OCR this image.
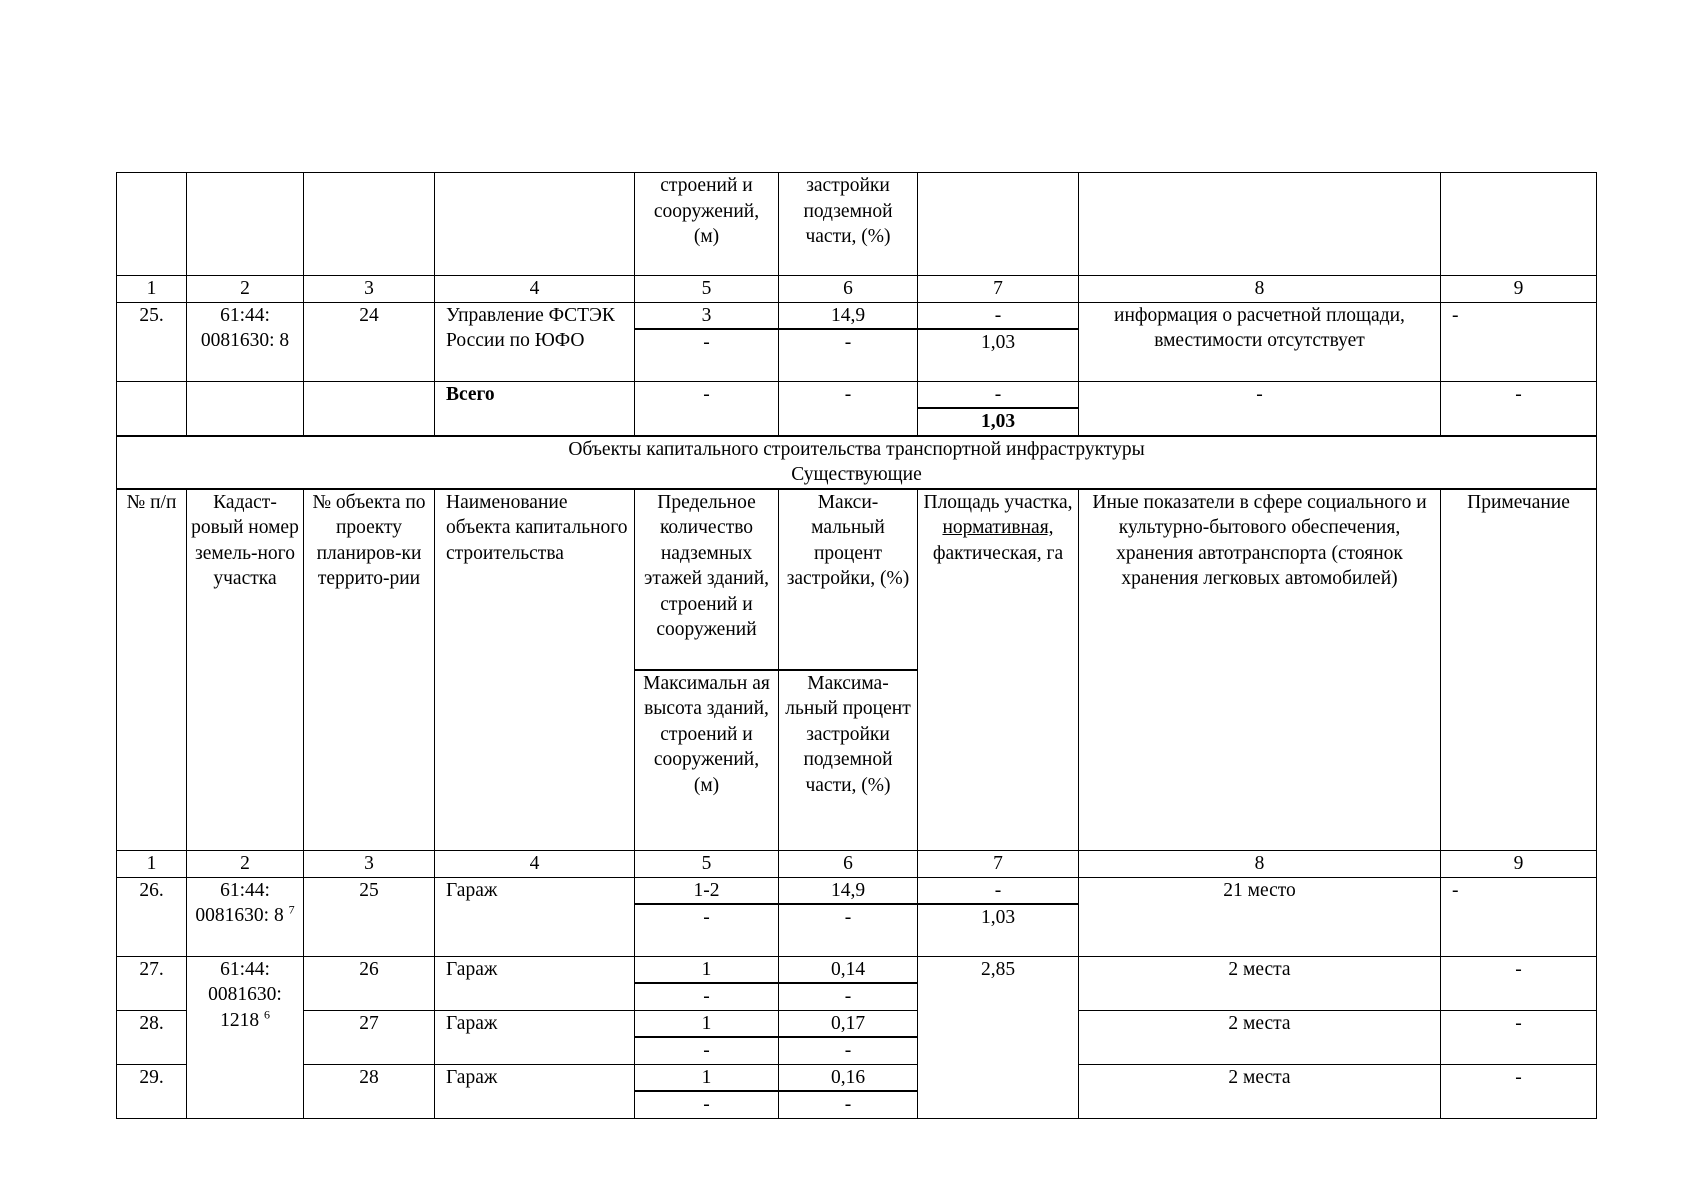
				строений и сооружений, (м)	застройки подземной части, (%)			
1	2	3	4	5	6	7	8	9
25.	61:44: 0081630: 8	24	Управление ФСТЭК России по ЮФО	3	14,9	-	информация о расчетной площади, вместимости отсутствует	-
				-	-	1,03		
			Всего	-	-	-	-	-
						1,03		

Объекты капитального строительства транспортной инфраструктуры
Существующие								

№ п/п	Кадаст-ровый номер земель-ного участка	№ объекта по проекту планиров-ки террито-рии	Наименование объекта капитального строительства	Предельное количество надземных этажей зданий, строений и сооружений	Макси-мальный процент застройки, (%)	Площадь участка,
нормативная,
фактическая, га	Иные показатели в сфере социального и культурно-бытового обеспечения, хранения автотранспорта (стоянок хранения легковых автомобилей)	Примечание
				Максимальн ая высота зданий, строений и сооружений, (м)	Максима-льный процент застройки подземной части, (%)			
1	2	3	4	5	6	7	8	9
26.	61:44: 0081630: 8 $^7$	25	Гараж	1-2	14,9	-	21 место	-
				-	-	1,03		
27.	61:44: 0081630: 1218 $^6$	26	Гараж	1	0,14	2,85	2 места	-
				-	-			
28.		27	Гараж	1	0,17		2 места	-
				-	-			
29.		28	Гараж	1	0,16		2 места	-
				-	-			
